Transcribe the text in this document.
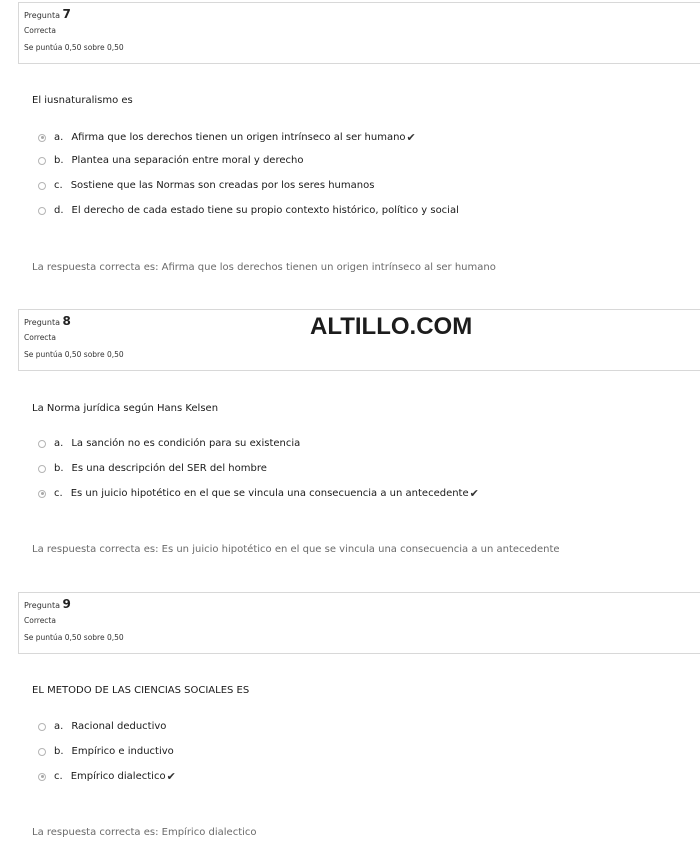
Pregunta 7
Correcta
Se puntúa 0,50 sobre 0,50
El iusnaturalismo es
a. Afirma que los derechos tienen un origen intrínseco al ser humano ✔
b. Plantea una separación entre moral y derecho
c. Sostiene que las Normas son creadas por los seres humanos
d. El derecho de cada estado tiene su propio contexto histórico, político y social
La respuesta correcta es: Afirma que los derechos tienen un origen intrínseco al ser humano
Pregunta 8
Correcta
Se puntúa 0,50 sobre 0,50
ALTILLO.COM
La Norma jurídica según Hans Kelsen
a. La sanción no es condición para su existencia
b. Es una descripción del SER del hombre
c. Es un juicio hipotético en el que se vincula una consecuencia a un antecedente ✔
La respuesta correcta es: Es un juicio hipotético en el que se vincula una consecuencia a un antecedente
Pregunta 9
Correcta
Se puntúa 0,50 sobre 0,50
EL METODO DE LAS CIENCIAS SOCIALES ES
a. Racional deductivo
b. Empírico e inductivo
c. Empírico dialectico ✔
La respuesta correcta es: Empírico dialectico
